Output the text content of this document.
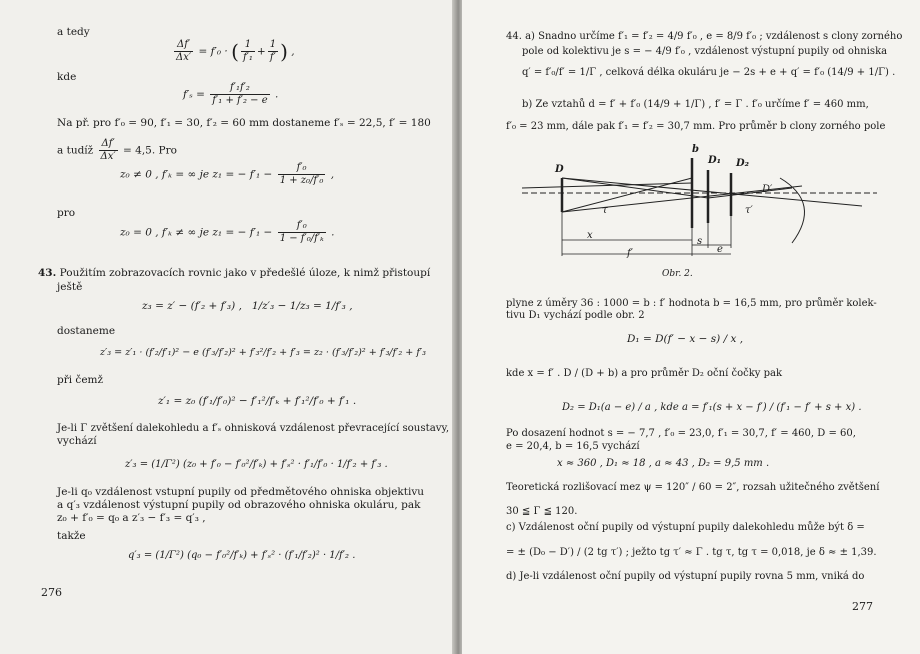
a tedy
$\frac{\Delta f'}{\Delta x'} = f'_0$ · ( $\frac{1}{\text{f′₁}} + \frac{1}{f'}$ ) ,
kde
$f'_s = \frac{\text{f′₁f′₂}}{\text{f′₁ + f′₂ − e}}$ .
Na př. pro f′₀ = 90, f′₁ = 30, f′₂ = 60 mm dostaneme f′ₛ = 22,5, f′ = 180
a tudíž $\frac{\Delta f'}{\Delta x'} = 4,5$. Pro
z₀ ≠ 0 , f′ₖ = ∞ je z₁ = − $f'_1 - \frac{\text{f′₀}}{\text{1 + z₀/f′₀}}$ ,
pro
z₀ = 0 , f′ₖ ≠ ∞ je z₁ = − $f'_1 - \frac{\text{f′₀}}{\text{1 − f′₀/f′ₖ}}$ .
43. Použitím zobrazovacích rovnic jako v předešlé úloze, k nimž přistoupí
ještě
z₃ = z′ − (f′₂ + f′₃) , 1/z′₃ − 1/z₃ = 1/f′₃ ,
dostaneme
z′₃ = z′₁ · (f′₂/f′₁)² − e (f′₃/f′₂)² + f′₃²/f′₂ + f′₃ = z₂ · (f′₃/f′₂)² + f′₃/f′₂ + f′₃
při čemž
z′₁ = z₀ (f′₁/f′₀)² − f′₁²/f′ₖ + f′₁²/f′₀ + f′₁ .
Je-li Γ zvětšení dalekohledu a f′ₛ ohnisková vzdálenost převracející soustavy,
vychází
z′₃ = (1/Γ²) (z₀ + f′₀ − f′₀²/f′ₖ) + f′ₛ² · f′₁/f′₀ · 1/f′₂ + f′₃ .
Je-li q₀ vzdálenost vstupní pupily od předmětového ohniska objektivu
a q′₃ vzdálenost výstupní pupily od obrazového ohniska okuláru, pak
z₀ + f′₀ = q₀ a z′₃ − f′₃ = q′₃ ,
takže
q′₃ = (1/Γ²) (q₀ − f′₀²/f′ₖ) + f′ₛ² · (f′₁/f′₂)² · 1/f′₂ .
276
44. a) Snadno určíme f′₁ = f′₂ = 4/9 f′₀ , e = 8/9 f′₀ ; vzdálenost s clony zorného
pole od kolektivu je s = − 4/9 f′₀ , vzdálenost výstupní pupily od ohniska
q′ = f′₀/f′ = 1/Γ , celková délka okuláru je − 2s + e + q′ = f′₀ (14/9 + 1/Γ) .
b) Ze vztahů d = f′ + f′₀ (14/9 + 1/Γ) , f′ = Γ . f′₀ určíme f′ = 460 mm,
f′₀ = 23 mm, dále pak f′₁ = f′₂ = 30,7 mm. Pro průměr b clony zorného pole
D
b
D₁ D₂
D′
τ	τ′
x
s
e
f′
Obr. 2.
plyne z úměry 36 : 1000 = b : f′ hodnota b = 16,5 mm, pro průměr kolek-
tivu D₁ vychází podle obr. 2
D₁ = D(f′ − x − s) / x ,
kde x = f′ . D / (D + b) a pro průměr D₂ oční čočky pak
D₂ = D₁(a − e) / a , kde a = f′₁(s + x − f′) / (f′₁ − f′ + s + x) .
Po dosazení hodnot s = − 7,7 , f′₀ = 23,0, f′₁ = 30,7, f′ = 460, D = 60,
e = 20,4, b = 16,5 vychází
x ≈ 360 , D₁ ≈ 18 , a ≈ 43 , D₂ = 9,5 mm .
Teoretická rozlišovací mez ψ = 120″ / 60 = 2″, rozsah užitečného zvětšení
30 ≦ Γ ≦ 120.
c) Vzdálenost oční pupily od výstupní pupily dalekohledu může být δ =
= ± (D₀ − D′) / (2 tg τ′) ; ježto tg τ′ ≈ Γ . tg τ, tg τ = 0,018, je δ ≈ ± 1,39.
d) Je-li vzdálenost oční pupily od výstupní pupily rovna 5 mm, vniká do
277
